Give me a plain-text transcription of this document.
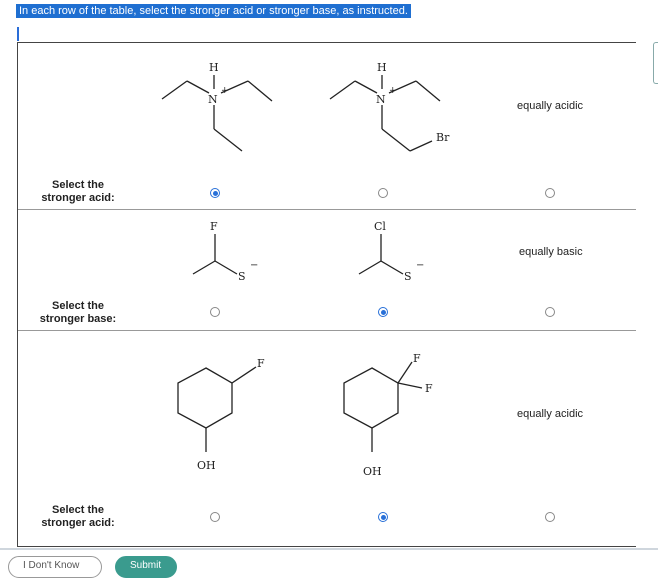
In each row of the table, select the stronger acid or stronger base, as instructed.
Select the
stronger acid:
H
N
+
H
N
+
Br
equally acidic
Select the
stronger base:
F
S
−
Cl
S
−
equally basic
Select the
stronger acid:
F
OH
F
F
OH
equally acidic
I Don't Know	Submit
